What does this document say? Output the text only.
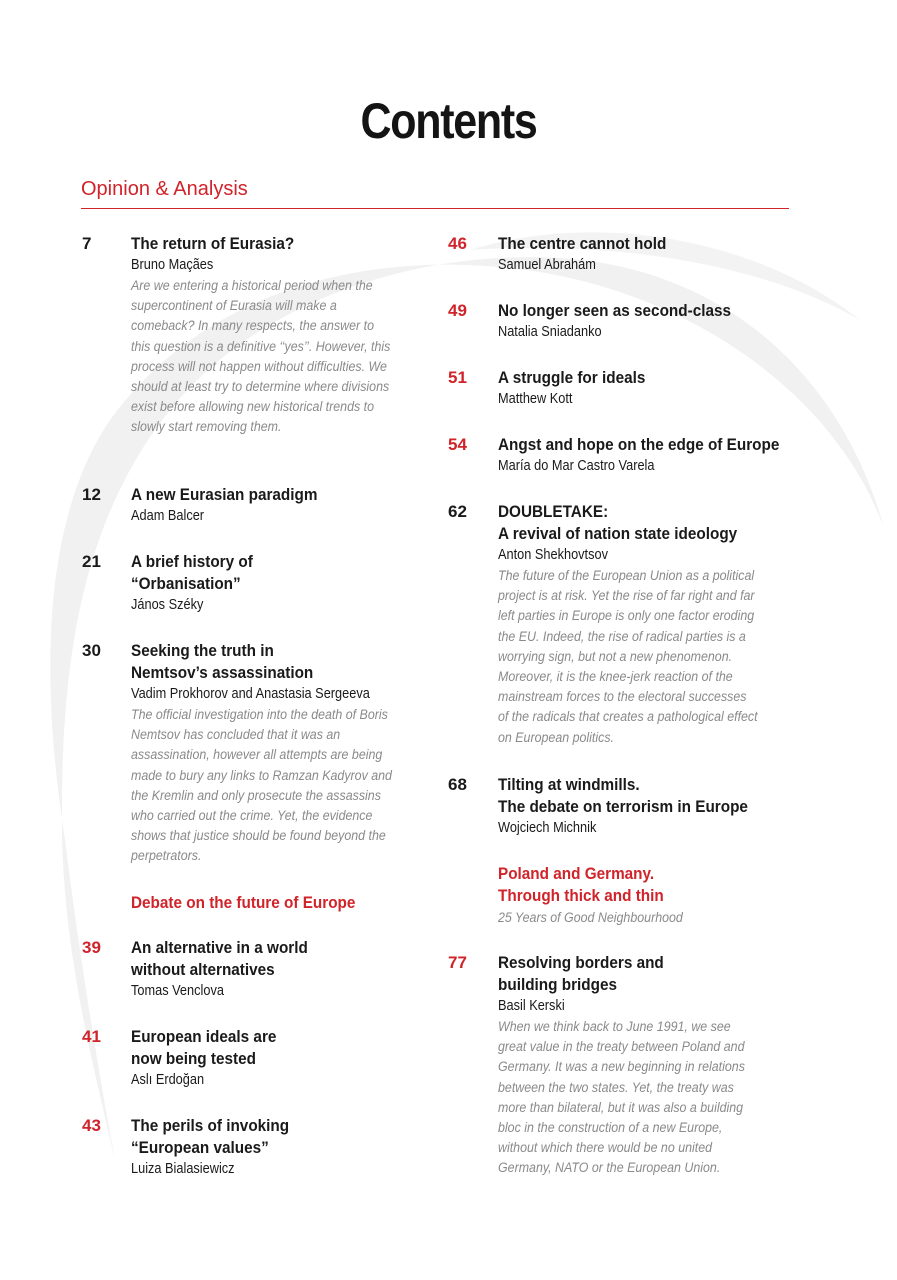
Contents
Opinion & Analysis
7 The return of Eurasia?
Bruno Maçães
Are we entering a historical period when the supercontinent of Eurasia will make a comeback? In many respects, the answer to this question is a definitive ‘‘yes’’. However, this process will not happen without difficulties. We should at least try to determine where divisions exist before allowing new historical trends to slowly start removing them.
12 A new Eurasian paradigm
Adam Balcer
21 A brief history of
“Orbanisation”
János Széky
30 Seeking the truth in
Nemtsov’s assassination
Vadim Prokhorov and Anastasia Sergeeva
The official investigation into the death of Boris Nemtsov has concluded that it was an assassination, however all attempts are being made to bury any links to Ramzan Kadyrov and the Kremlin and only prosecute the assassins who carried out the crime. Yet, the evidence shows that justice should be found beyond the perpetrators.
Debate on the future of Europe
39 An alternative in a world
without alternatives
Tomas Venclova
41 European ideals are
now being tested
Aslı Erdoğan
43 The perils of invoking
“European values”
Luiza Bialasiewicz
46 The centre cannot hold
Samuel Abrahám
49 No longer seen as second-class
Natalia Sniadanko
51 A struggle for ideals
Matthew Kott
54 Angst and hope on the edge of Europe
María do Mar Castro Varela
62 DOUBLETAKE:
A revival of nation state ideology
Anton Shekhovtsov
The future of the European Union as a political project is at risk. Yet the rise of far right and far left parties in Europe is only one factor eroding the EU. Indeed, the rise of radical parties is a worrying sign, but not a new phenomenon. Moreover, it is the knee-jerk reaction of the mainstream forces to the electoral successes of the radicals that creates a pathological effect on European politics.
68 Tilting at windmills.
The debate on terrorism in Europe
Wojciech Michnik
Poland and Germany.
Through thick and thin
25 Years of Good Neighbourhood
77 Resolving borders and
building bridges
Basil Kerski
When we think back to June 1991, we see great value in the treaty between Poland and Germany. It was a new beginning in relations between the two states. Yet, the treaty was more than bilateral, but it was also a building bloc in the construction of a new Europe, without which there would be no united Germany, NATO or the European Union.
